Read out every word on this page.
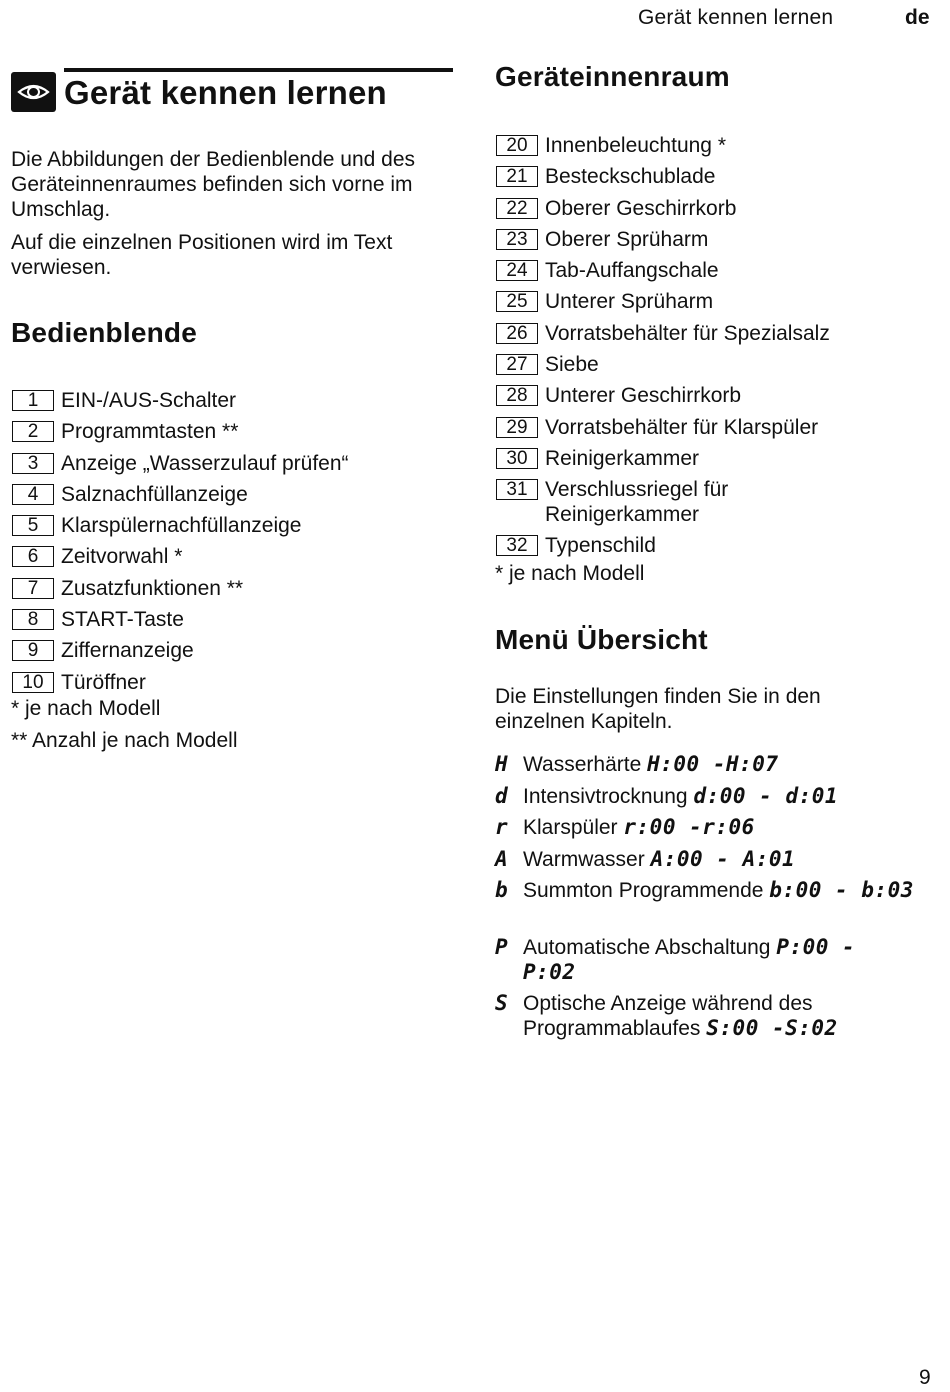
Gerät kennen lernen	de
Gerät kennen lernen

Die Abbildungen der Bedienblende und des Geräteinnenraumes befinden sich vorne im Umschlag.

Auf die einzelnen Positionen wird im Text verwiesen.

Bedienblende
1	EIN-/AUS-Schalter
2	Programmtasten **
3	Anzeige „Wasserzulauf prüfen“
4	Salznachfüllanzeige
5	Klarspülernachfüllanzeige
6	Zeitvorwahl *
7	Zusatzfunktionen **
8	START-Taste
9	Ziffernanzeige
10 Türöffner

* je nach Modell

** Anzahl je nach Modell

Geräteinnenraum
20 Innenbeleuchtung *
21 Besteckschublade
22 Oberer Geschirrkorb
23 Oberer Sprüharm
24 Tab-Auffangschale
25 Unterer Sprüharm
26 Vorratsbehälter für Spezialsalz
27 Siebe
28 Unterer Geschirrkorb
29 Vorratsbehälter für Klarspüler
30 Reinigerkammer
31 Verschlussriegel für Reinigerkammer
32 Typenschild

* je nach Modell

Menü Übersicht

Die Einstellungen finden Sie in den einzelnen Kapiteln.

H Wasserhärte H:00 -H:07
d Intensivtrocknung d:00 - d:01
r Klarspüler r:00 -r:06
A Warmwasser A:00 - A:01
b Summton Programmende b:00 - b:03
P Automatische Abschaltung P:00 - P:02
S Optische Anzeige während des Programmablaufes S:00 -S:02
9
